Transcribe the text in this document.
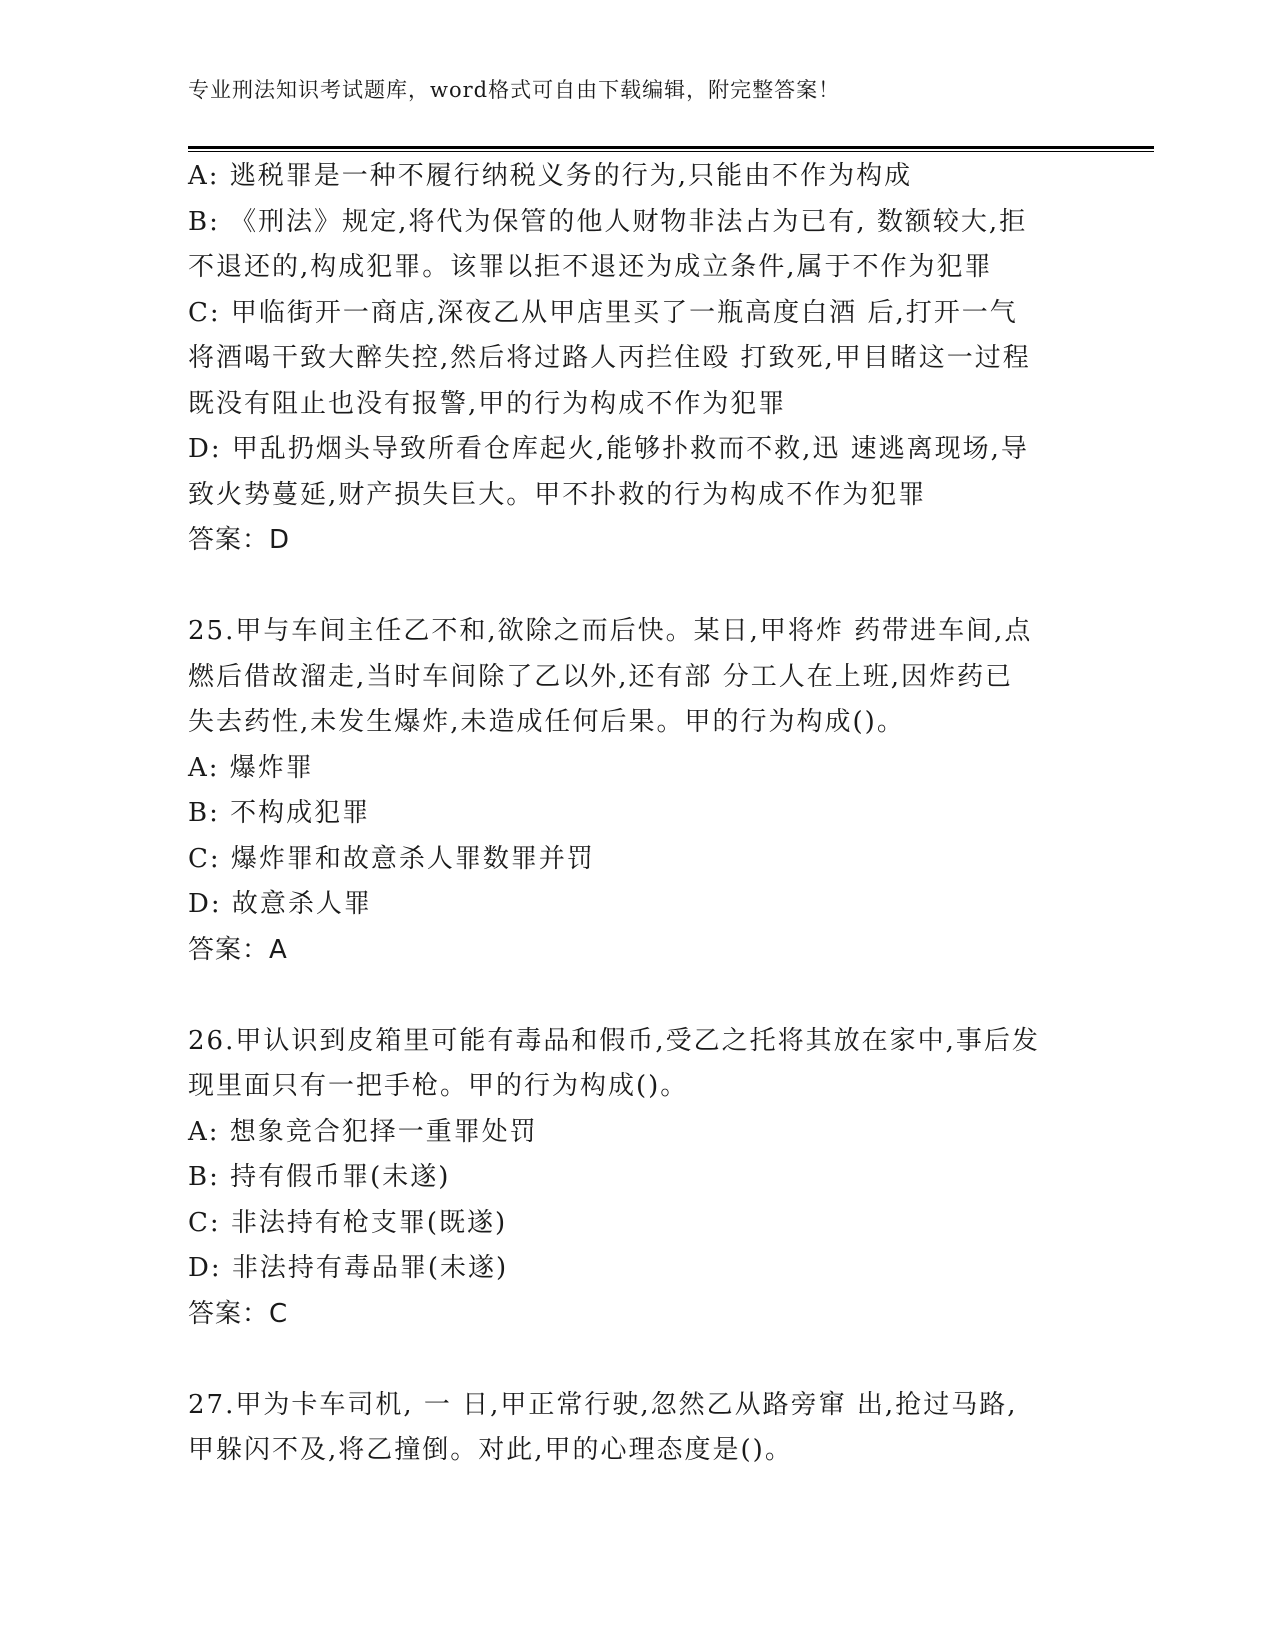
专业刑法知识考试题库，word格式可自由下载编辑，附完整答案！
A: 逃税罪是一种不履行纳税义务的行为,只能由不作为构成
B: 《刑法》规定,将代为保管的他人财物非法占为已有, 数额较大,拒
不退还的,构成犯罪。该罪以拒不退还为成立条件,属于不作为犯罪
C: 甲临街开一商店,深夜乙从甲店里买了一瓶高度白酒 后,打开一气
将酒喝干致大醉失控,然后将过路人丙拦住殴 打致死,甲目睹这一过程
既没有阻止也没有报警,甲的行为构成不作为犯罪
D: 甲乱扔烟头导致所看仓库起火,能够扑救而不救,迅 速逃离现场,导
致火势蔓延,财产损失巨大。甲不扑救的行为构成不作为犯罪
答案：D
25.甲与车间主任乙不和,欲除之而后快。某日,甲将炸 药带进车间,点
燃后借故溜走,当时车间除了乙以外,还有部 分工人在上班,因炸药已
失去药性,未发生爆炸,未造成任何后果。甲的行为构成()。
A: 爆炸罪
B: 不构成犯罪
C: 爆炸罪和故意杀人罪数罪并罚
D: 故意杀人罪
答案：A
26.甲认识到皮箱里可能有毒品和假币,受乙之托将其放在家中,事后发
现里面只有一把手枪。甲的行为构成()。
A: 想象竞合犯择一重罪处罚
B: 持有假币罪(未遂)
C: 非法持有枪支罪(既遂)
D: 非法持有毒品罪(未遂)
答案：C
27.甲为卡车司机, 一 日,甲正常行驶,忽然乙从路旁窜 出,抢过马路,
甲躲闪不及,将乙撞倒。对此,甲的心理态度是()。
